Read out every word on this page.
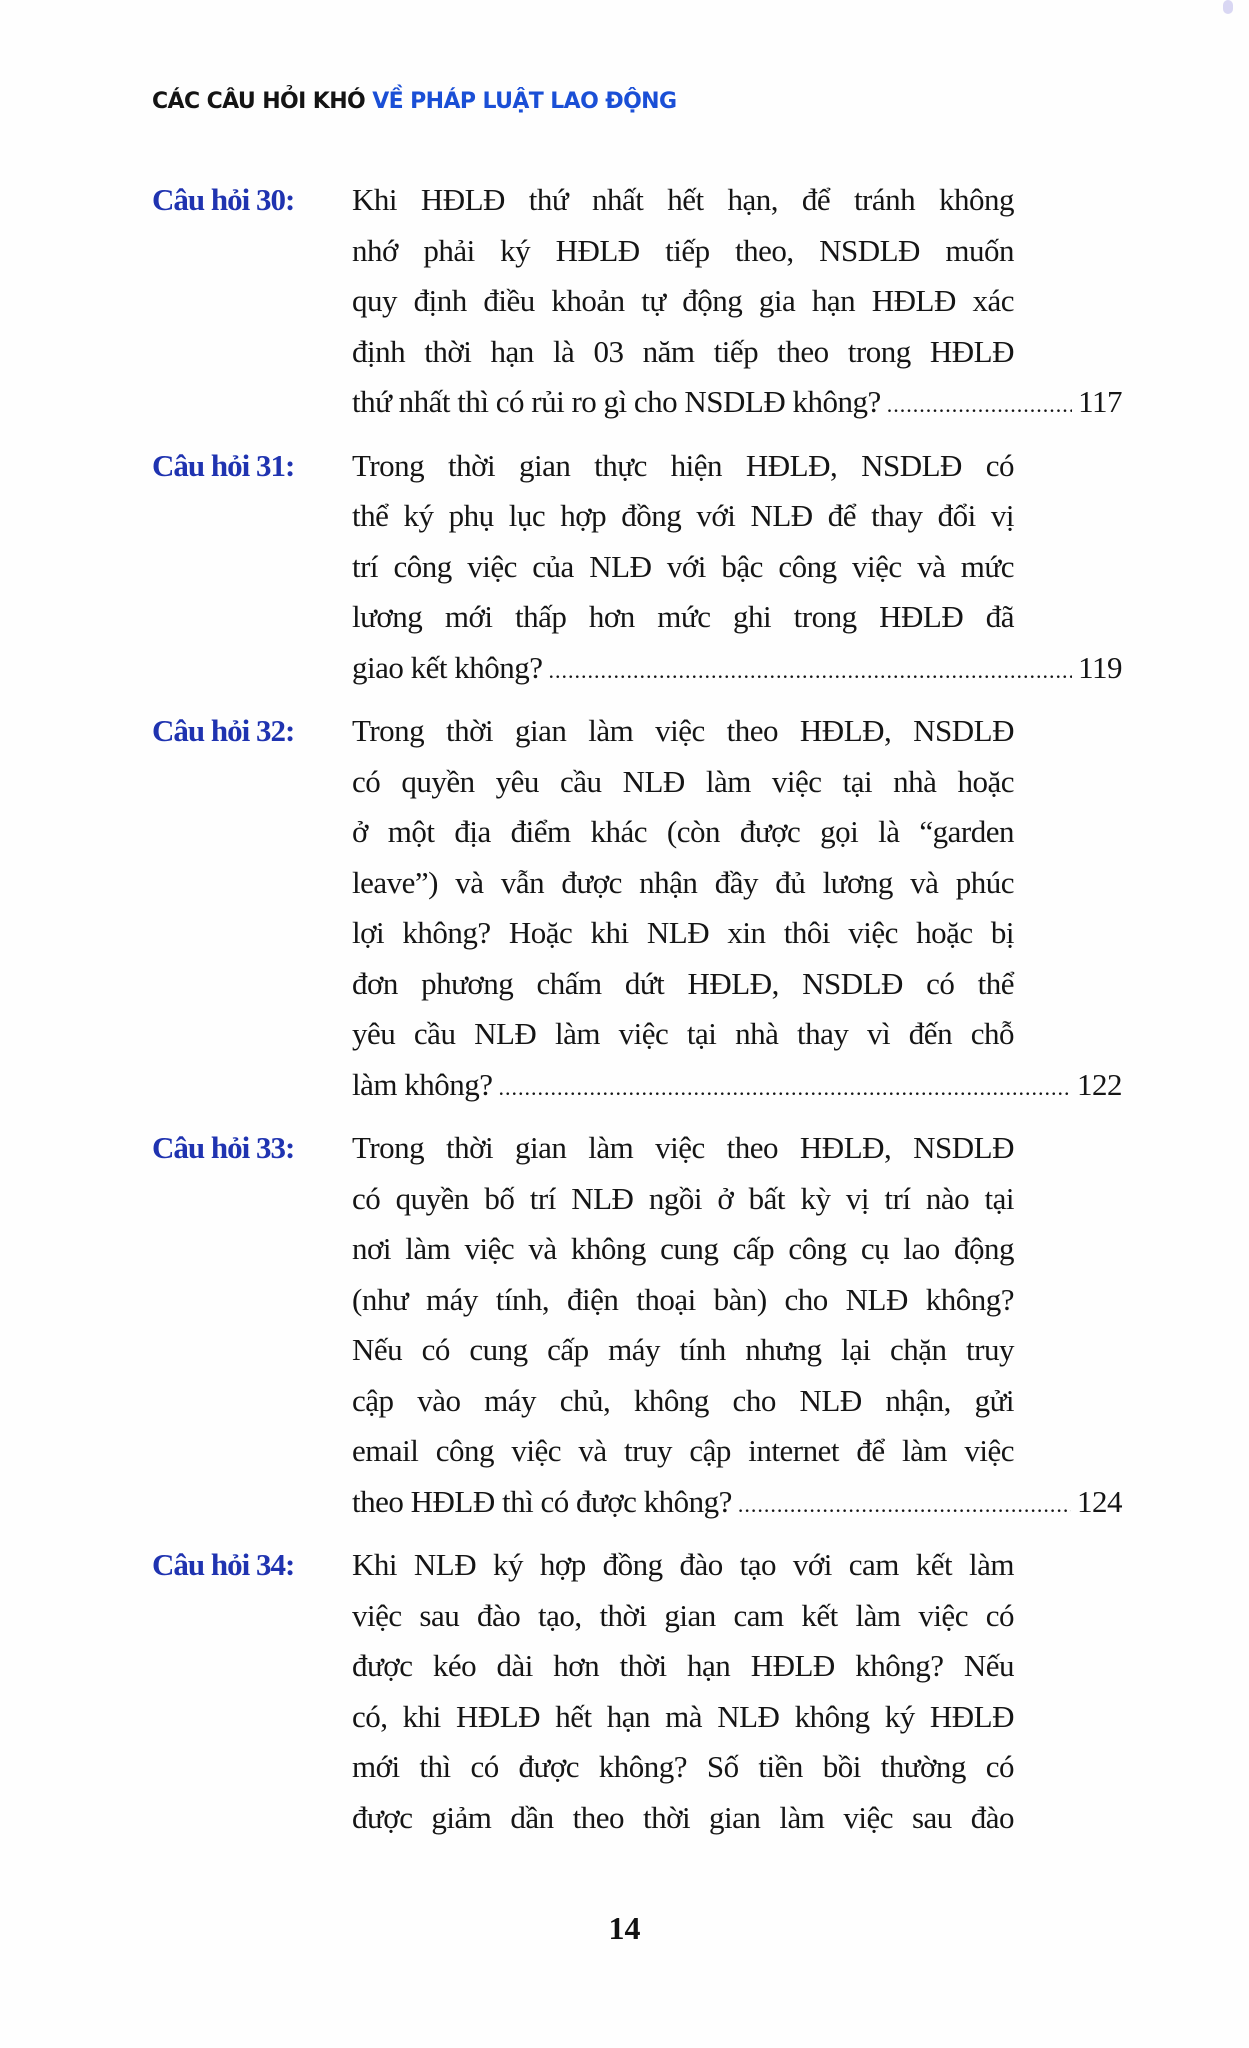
CÁC CÂU HỎI KHÓ VỀ PHÁP LUẬT LAO ĐỘNG
Câu hỏi 30:	Khi HĐLĐ thứ nhất hết hạn, để tránh không
nhớ phải ký HĐLĐ tiếp theo, NSDLĐ muốn
quy định điều khoản tự động gia hạn HĐLĐ xác
định thời hạn là 03 năm tiếp theo trong HĐLĐ
thứ nhất thì có rủi ro gì cho NSDLĐ không? .....	117
Câu hỏi 31:	Trong thời gian thực hiện HĐLĐ, NSDLĐ có
thể ký phụ lục hợp đồng với NLĐ để thay đổi vị
trí công việc của NLĐ với bậc công việc và mức
lương mới thấp hơn mức ghi trong HĐLĐ đã
giao kết không? .....	119
Câu hỏi 32:	Trong thời gian làm việc theo HĐLĐ, NSDLĐ
có quyền yêu cầu NLĐ làm việc tại nhà hoặc
ở một địa điểm khác (còn được gọi là “garden
leave”) và vẫn được nhận đầy đủ lương và phúc
lợi không? Hoặc khi NLĐ xin thôi việc hoặc bị
đơn phương chấm dứt HĐLĐ, NSDLĐ có thể
yêu cầu NLĐ làm việc tại nhà thay vì đến chỗ
làm không? .....	122
Câu hỏi 33:	Trong thời gian làm việc theo HĐLĐ, NSDLĐ
có quyền bố trí NLĐ ngồi ở bất kỳ vị trí nào tại
nơi làm việc và không cung cấp công cụ lao động
(như máy tính, điện thoại bàn) cho NLĐ không?
Nếu có cung cấp máy tính nhưng lại chặn truy
cập vào máy chủ, không cho NLĐ nhận, gửi
email công việc và truy cập internet để làm việc
theo HĐLĐ thì có được không? .....	124
Câu hỏi 34:	Khi NLĐ ký hợp đồng đào tạo với cam kết làm
việc sau đào tạo, thời gian cam kết làm việc có
được kéo dài hơn thời hạn HĐLĐ không? Nếu
có, khi HĐLĐ hết hạn mà NLĐ không ký HĐLĐ
mới thì có được không? Số tiền bồi thường có
được giảm dần theo thời gian làm việc sau đào
14
